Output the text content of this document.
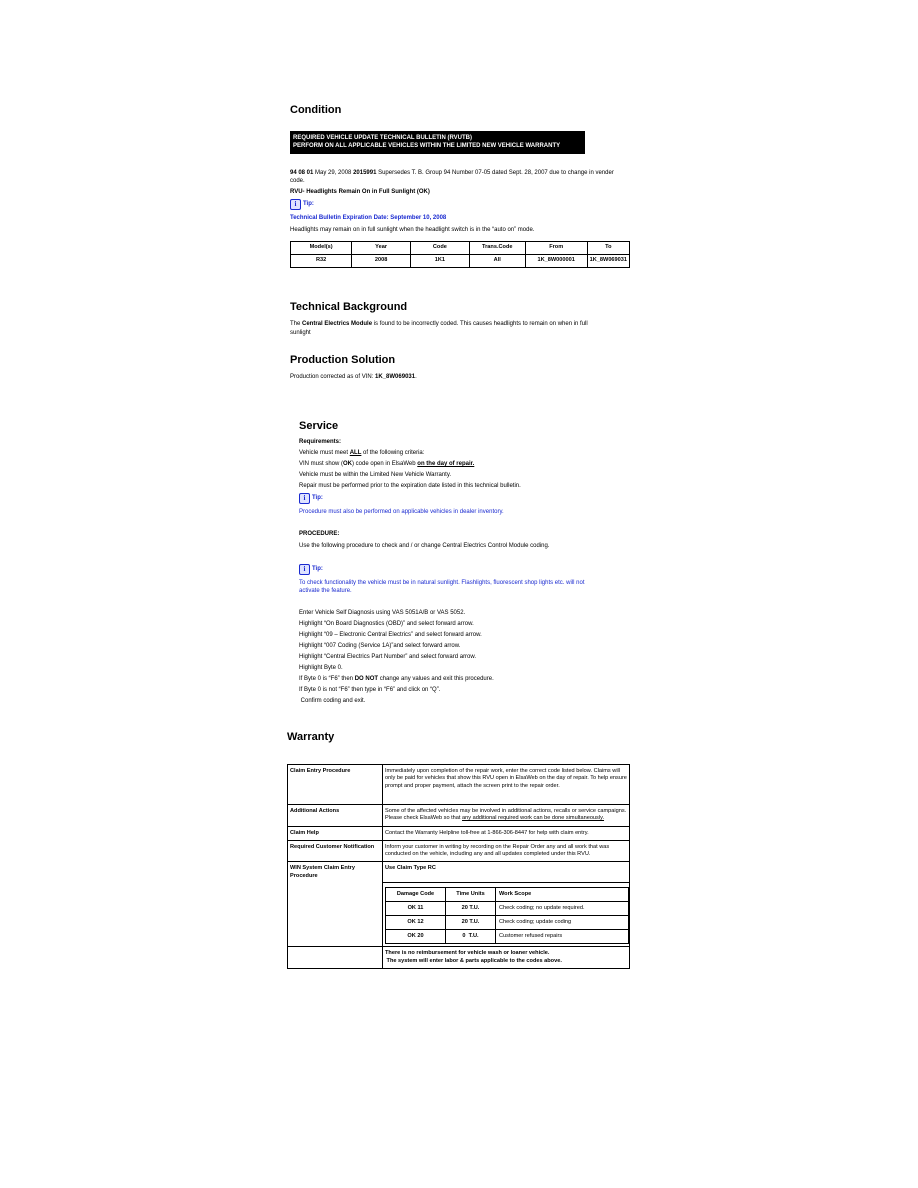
Condition
REQUIRED VEHICLE UPDATE TECHNICAL BULLETIN (RVUTB)
PERFORM ON ALL APPLICABLE VEHICLES WITHIN THE LIMITED NEW VEHICLE WARRANTY
94 08 01 May 29, 2008 2015991 Supersedes T. B. Group 94 Number 07-05 dated Sept. 28, 2007 due to change in vender code.
RVU- Headlights Remain On in Full Sunlight (OK)
i Tip:
Technical Bulletin Expiration Date: September 10, 2008
Headlights may remain on in full sunlight when the headlight switch is in the “auto on” mode.
Model(s)	Year	Code	Trans.Code	From	To
R32	2008	1K1	All	1K_8W000001	1K_8W069031
Technical Background
The Central Electrics Module is found to be incorrectly coded. This causes headlights to remain on when in full
sunlight
Production Solution
Production corrected as of VIN: 1K_8W069031.
Service
Requirements:
Vehicle must meet ALL of the following criteria:
VIN must show (OK) code open in ElsaWeb on the day of repair.
Vehicle must be within the Limited New Vehicle Warranty.
Repair must be performed prior to the expiration date listed in this technical bulletin.
i Tip:
Procedure must also be performed on applicable vehicles in dealer inventory.
PROCEDURE:
Use the following procedure to check and / or change Central Electrics Control Module coding.
i Tip:
To check functionality the vehicle must be in natural sunlight. Flashlights, fluorescent shop lights etc. will not
activate the feature.
Enter Vehicle Self Diagnosis using VAS 5051A/B or VAS 5052.
Highlight “On Board Diagnostics (OBD)” and select forward arrow.
Highlight “09 – Electronic Central Electrics” and select forward arrow.
Highlight “007 Coding (Service 1A)”and select forward arrow.
Highlight “Central Electrics Part Number” and select forward arrow.
Highlight Byte 0.
If Byte 0 is “F6” then DO NOT change any values and exit this procedure.
If Byte 0 is not “F6” then type in “F6” and click on “Q”.
Confirm coding and exit.
Warranty
Claim Entry Procedure	Immediately upon completion of the repair work, enter the correct code listed below. Claims will only be paid for vehicles that show this RVU open in ElsaWeb on the day of repair. To help ensure prompt and proper payment, attach the screen print to the repair order.
Additional Actions	Some of the affected vehicles may be involved in additional actions, recalls or service campaigns. Please check ElsaWeb so that any additional required work can be done simultaneously.
Claim Help	Contact the Warranty Helpline toll-free at 1-866-306-8447 for help with claim entry.
Required Customer Notification	Inform your customer in writing by recording on the Repair Order any and all work that was conducted on the vehicle, including any and all updates completed under this RVU.
WIN System Claim Entry Procedure	Use Claim Type RC

Damage Code	Time Units	Work Scope
OK 11	20 T.U.	Check coding; no update required.
OK 12	20 T.U.	Check coding; update coding
OK 20	0  T.U.	Customer refused repairs

There is no reimbursement for vehicle wash or loaner vehicle.
The system will enter labor & parts applicable to the codes above.
